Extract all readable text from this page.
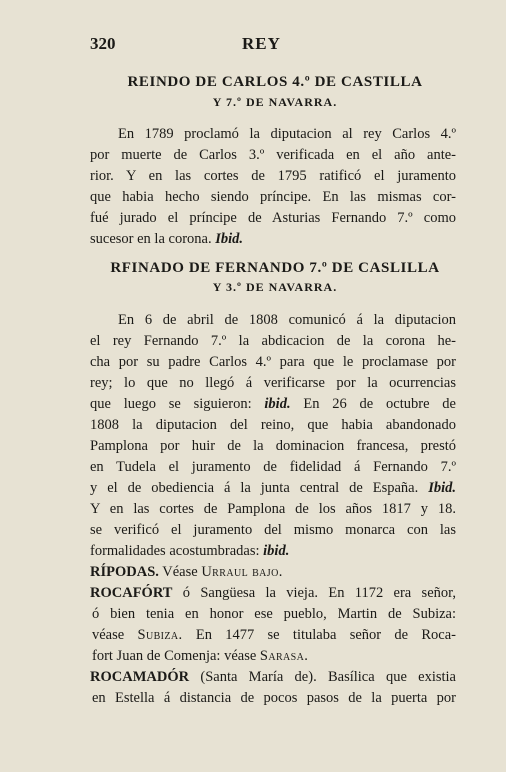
320	REY
REINDO DE CARLOS 4.º DE CASTILLA
Y 7.º DE NAVARRA.
En 1789 proclamó la diputacion al rey Carlos 4.º
por muerte de Carlos 3.º verificada en el año ante-
rior. Y en las cortes de 1795 ratificó el juramento
que habia hecho siendo príncipe. En las mismas cor-
fué jurado el príncipe de Asturias Fernando 7.º como
sucesor en la corona. Ibid.
RFINADO DE FERNANDO 7.º DE CASLILLA
Y 3.º DE NAVARRA.
En 6 de abril de 1808 comunicó á la diputacion
el rey Fernando 7.º la abdicacion de la corona he-
cha por su padre Carlos 4.º para que le proclamase por
rey; lo que no llegó á verificarse por la ocurrencias
que luego se siguieron: ibid. En 26 de octubre de
1808 la diputacion del reino, que habia abandonado
Pamplona por huir de la dominacion francesa, prestó
en Tudela el juramento de fidelidad á Fernando 7.º
y el de obediencia á la junta central de España. Ibid.
Y en las cortes de Pamplona de los años 1817 y 18.
se verificó el juramento del mismo monarca con las
formalidades acostumbradas: ibid.
RÍPODAS. Véase Urraul bajo.
ROCAFÓRT ó Sangüesa la vieja. En 1172 era señor,
ó bien tenia en honor ese pueblo, Martin de Subiza:
véase Subiza. En 1477 se titulaba señor de Roca-
fort Juan de Comenja: véase Sarasa.
ROCAMADÓR (Santa María de). Basílica que existia
en Estella á distancia de pocos pasos de la puerta por
